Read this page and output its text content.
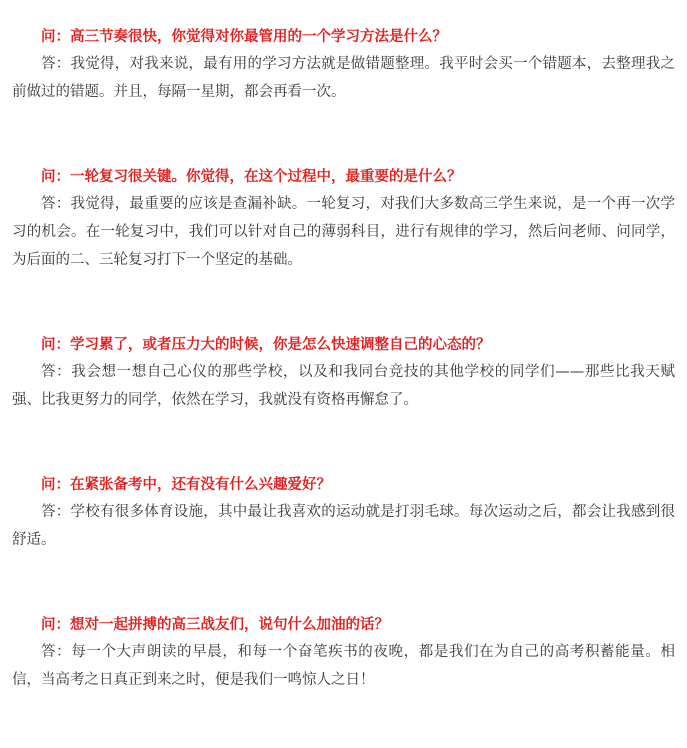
问：高三节奏很快，你觉得对你最管用的一个学习方法是什么？

答：我觉得，对我来说，最有用的学习方法就是做错题整理。我平时会买一个错题本，去整理我之前做过的错题。并且，每隔一星期，都会再看一次。

问：一轮复习很关键。你觉得，在这个过程中，最重要的是什么？

答：我觉得，最重要的应该是查漏补缺。一轮复习，对我们大多数高三学生来说，是一个再一次学习的机会。在一轮复习中，我们可以针对自己的薄弱科目，进行有规律的学习，然后问老师、问同学，为后面的二、三轮复习打下一个坚定的基础。

问：学习累了，或者压力大的时候，你是怎么快速调整自己的心态的？

答：我会想一想自己心仪的那些学校，以及和我同台竞技的其他学校的同学们——那些比我天赋强、比我更努力的同学，依然在学习，我就没有资格再懈怠了。

问：在紧张备考中，还有没有什么兴趣爱好？

答：学校有很多体育设施，其中最让我喜欢的运动就是打羽毛球。每次运动之后，都会让我感到很舒适。

问：想对一起拼搏的高三战友们，说句什么加油的话？

答：每一个大声朗读的早晨，和每一个奋笔疾书的夜晚，都是我们在为自己的高考积蓄能量。相信，当高考之日真正到来之时，便是我们一鸣惊人之日！
